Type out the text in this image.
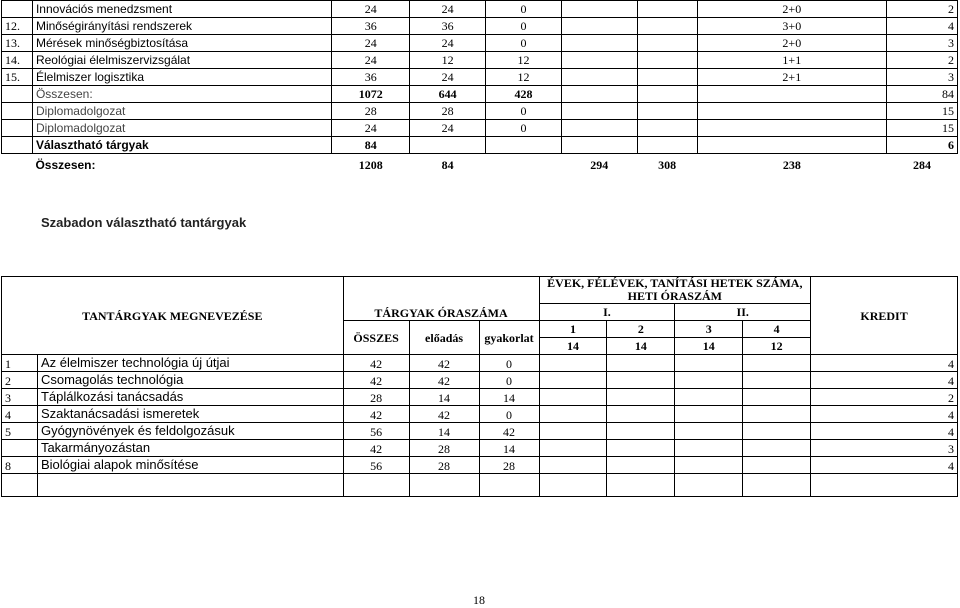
	Innovációs menedzsment	24	24	0			2+0	2
12.	Minőségirányítási rendszerek	36	36	0			3+0	4
13.	Mérések minőségbiztosítása	24	24	0			2+0	3
14.	Reológiai élelmiszervizsgálat	24	12	12			1+1	2
15.	Élelmiszer logisztika	36	24	12			2+1	3
	Összesen:	1072	644	428				84
	Diplomadolgozat	28	28	0				15
	Diplomadolgozat	24	24	0				15
	Választható tárgyak	84						6
	Összesen:	1208	84		294	308	238	284
Szabadon választható tantárgyak
TANTÁRGYAK MEGNEVEZÉSE		TÁRGYAK ÓRASZÁMA			ÉVEK, FÉLÉVEK, TANÍTÁSI HETEK SZÁMA, HETI ÓRASZÁM				KREDIT
					I.		II.		
		ÖSSZES	előadás	gyakorlat	1	2	3	4	
					14	14	14	12	
1	Az élelmiszer technológia új útjai	42	42	0					4
2	Csomagolás technológia	42	42	0					4
3	Táplálkozási tanácsadás	28	14	14					2
4	Szaktanácsadási ismeretek	42	42	0					4
5	Gyógynövények és feldolgozásuk	56	14	42					4
	Takarmányozástan	42	28	14					3
8	Biológiai alapok minősítése	56	28	28					4

18
